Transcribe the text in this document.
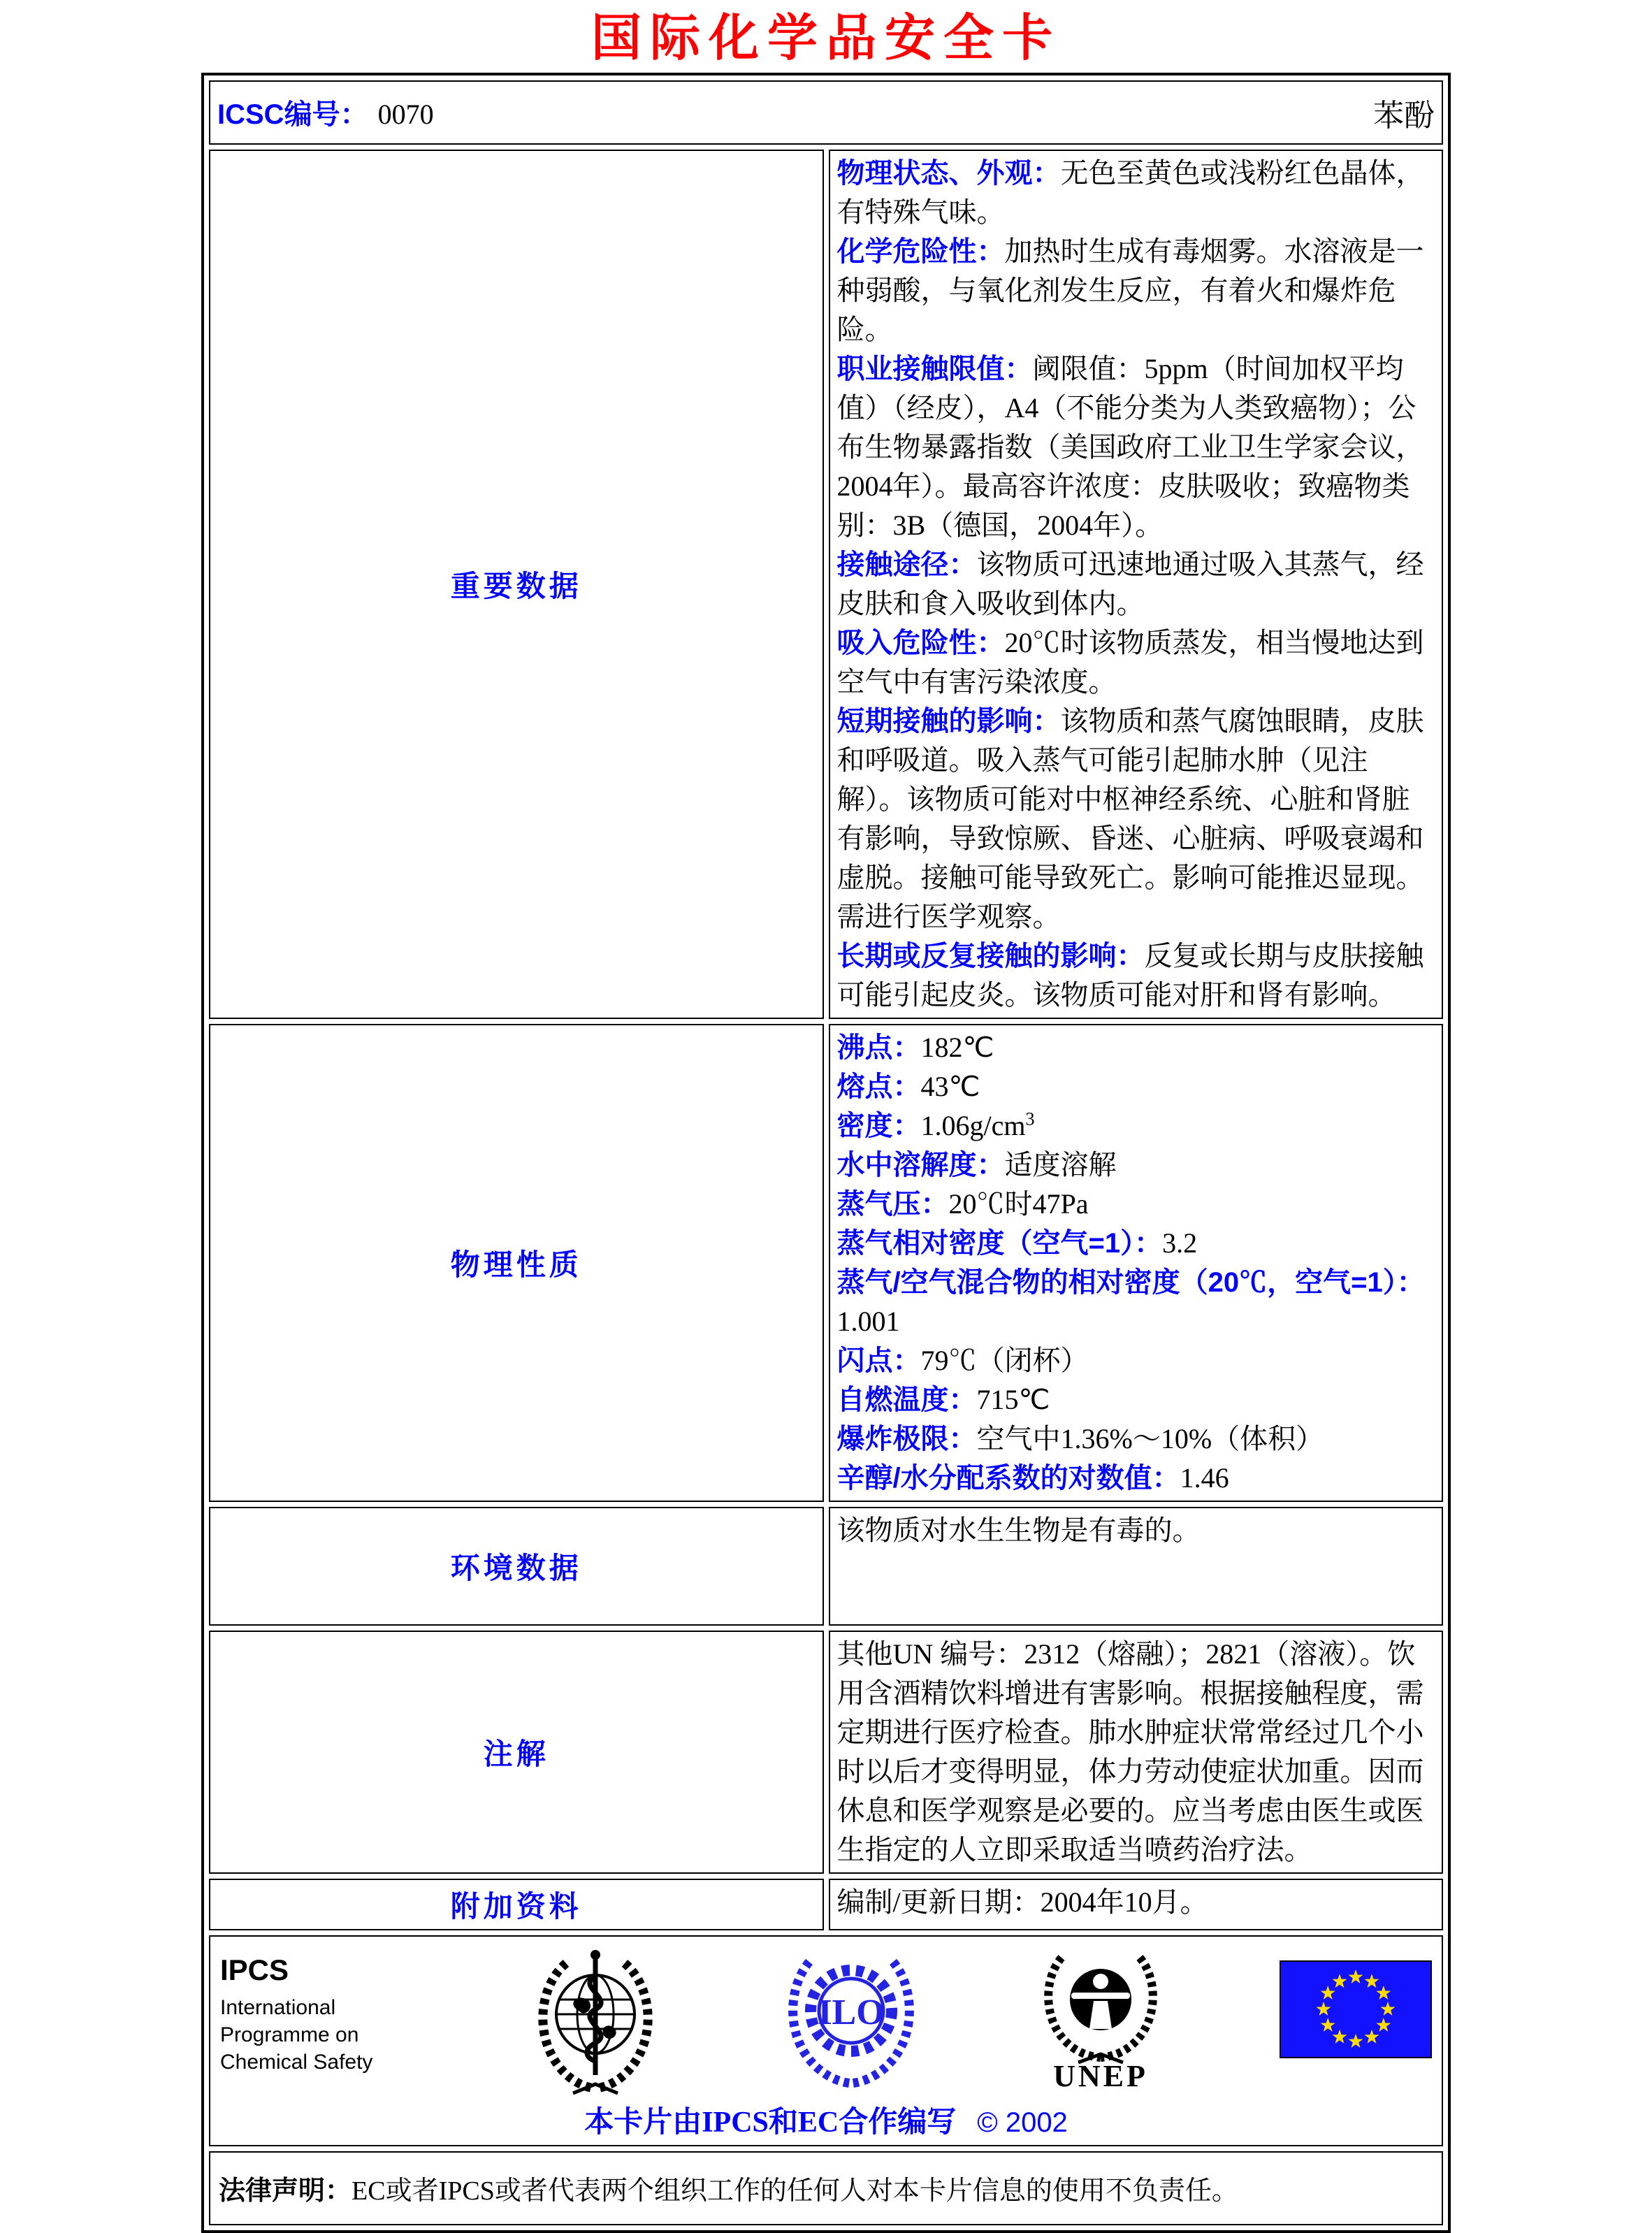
国际化学品安全卡
ICSC编号： 0070 苯酚	

重要数据	
物理状态、外观：无色至黄色或浅粉红色晶体，有特殊气味。
化学危险性：加热时生成有毒烟雾。水溶液是一种弱酸，与氧化剂发生反应，有着火和爆炸危险。
职业接触限值：阈限值：5ppm（时间加权平均值）（经皮），A4（不能分类为人类致癌物）；公布生物暴露指数（美国政府工业卫生学家会议，2004年）。最高容许浓度：皮肤吸收；致癌物类别：3B（德国，2004年）。
接触途径：该物质可迅速地通过吸入其蒸气，经皮肤和食入吸收到体内。
吸入危险性：20℃时该物质蒸发，相当慢地达到空气中有害污染浓度。
短期接触的影响：该物质和蒸气腐蚀眼睛，皮肤和呼吸道。吸入蒸气可能引起肺水肿（见注解）。该物质可能对中枢神经系统、心脏和肾脏有影响，导致惊厥、昏迷、心脏病、呼吸衰竭和虚脱。接触可能导致死亡。影响可能推迟显现。需进行医学观察。
长期或反复接触的影响：反复或长期与皮肤接触可能引起皮炎。该物质可能对肝和肾有影响。

物理性质	
沸点：182℃
熔点：43℃
密度：$1.06g/cm^3$
水中溶解度：适度溶解
蒸气压：20℃时47Pa
蒸气相对密度（空气=1）：3.2
蒸气/空气混合物的相对密度（20℃，空气=1）：1.001
闪点：79℃（闭杯）
自燃温度：715℃
爆炸极限：空气中1.36%～10%（体积）
辛醇/水分配系数的对数值：1.46

环境数据	该物质对水生生物是有毒的。
注解	其他UN 编号：2312（熔融）；2821（溶液）。饮用含酒精饮料增进有害影响。根据接触程度，需定期进行医疗检查。肺水肿症状常常经过几个小时以后才变得明显，体力劳动使症状加重。因而休息和医学观察是必要的。应当考虑由医生或医生指定的人立即采取适当喷药治疗法。
附加资料	编制/更新日期：2004年10月。

IPCS
International
Programme on
Chemical Safety
ILO
UNEP
本卡片由IPCS和EC合作编写 © 2002

法律声明：EC或者IPCS或者代表两个组织工作的任何人对本卡片信息的使用不负责任。	
